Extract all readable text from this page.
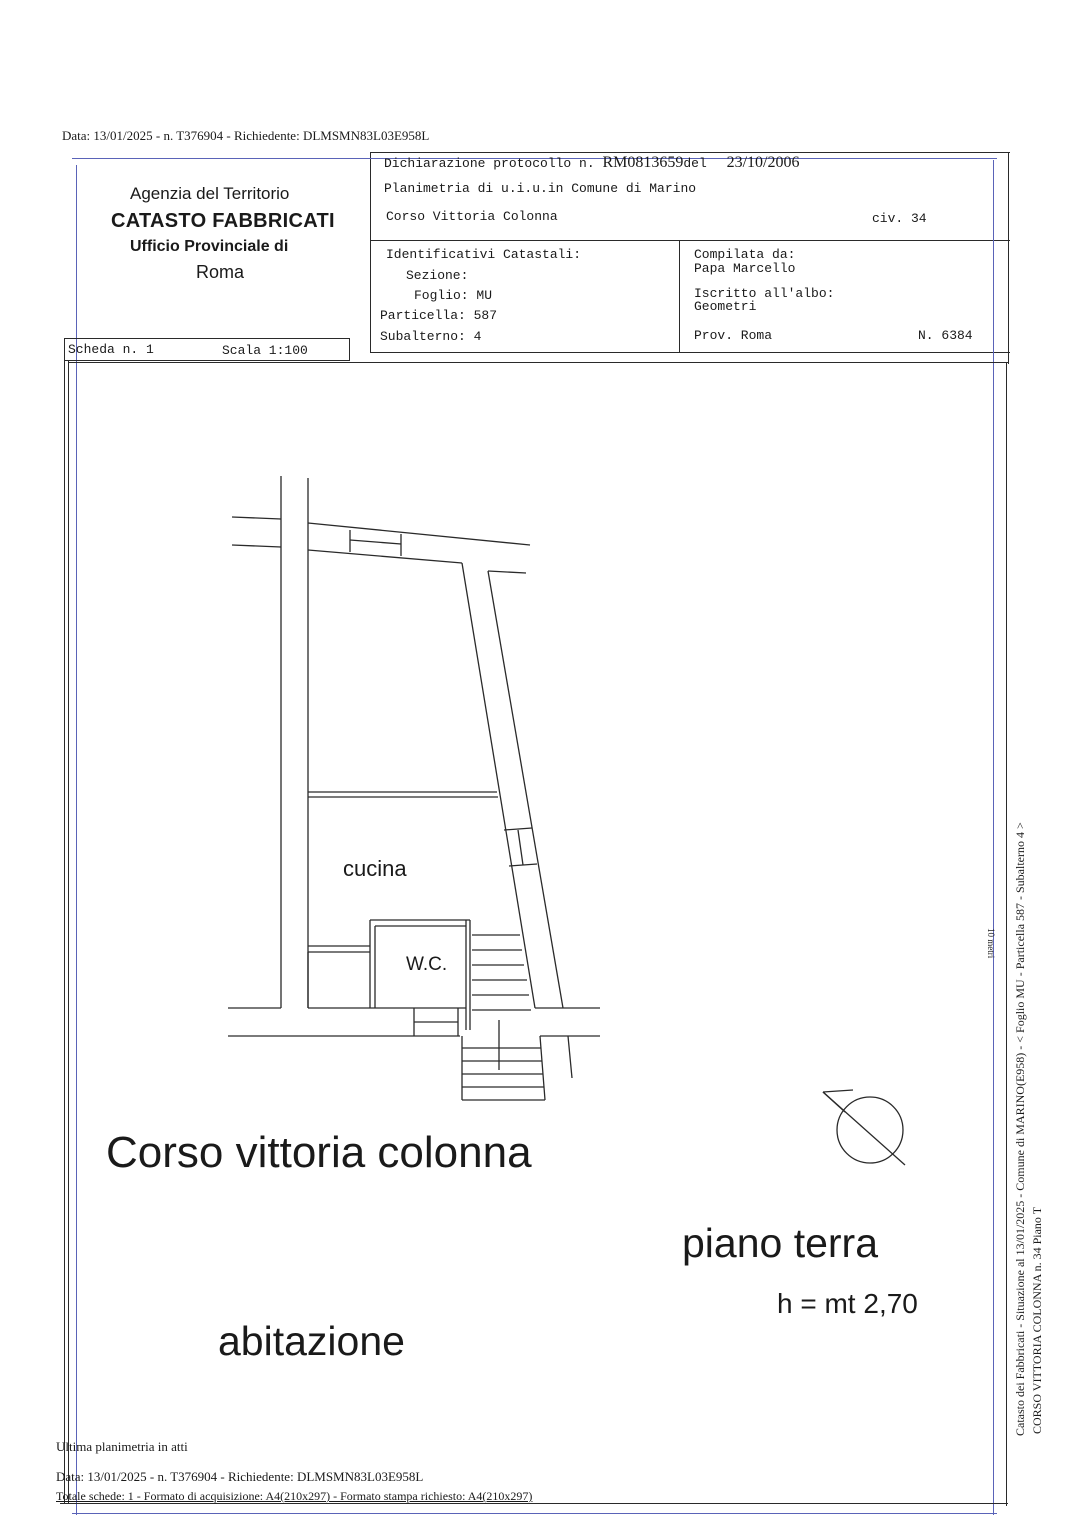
Data: 13/01/2025 - n. T376904 - Richiedente: DLMSMN83L03E958L
Agenzia del Territorio
CATASTO FABBRICATI
Ufficio Provinciale di
Roma
Dichiarazione protocollo n. RM0813659del 23/10/2006
Planimetria di u.i.u.in Comune di Marino
Corso Vittoria Colonna	civ. 34
Identificativi Catastali:
Sezione:
Foglio: MU
Particella: 587
Subalterno: 4
Compilata da:
Papa Marcello
Iscritto all'albo:
Geometri
Prov. Roma	N. 6384
Scheda n. 1	Scala 1:100
cucina
W.C.
Corso vittoria colonna
piano terra
h = mt 2,70
abitazione	Catasto dei Fabbricati - Situazione al 13/01/2025 - Comune di MARINO(E958) - < Foglio MU - Particella 587 - Subalterno 4 > CORSO VITTORIA COLONNA n. 34 Piano T
10 metri
Ultima planimetria in atti
Data: 13/01/2025 - n. T376904 - Richiedente: DLMSMN83L03E958L
Totale schede: 1 - Formato di acquisizione: A4(210x297) - Formato stampa richiesto: A4(210x297)
